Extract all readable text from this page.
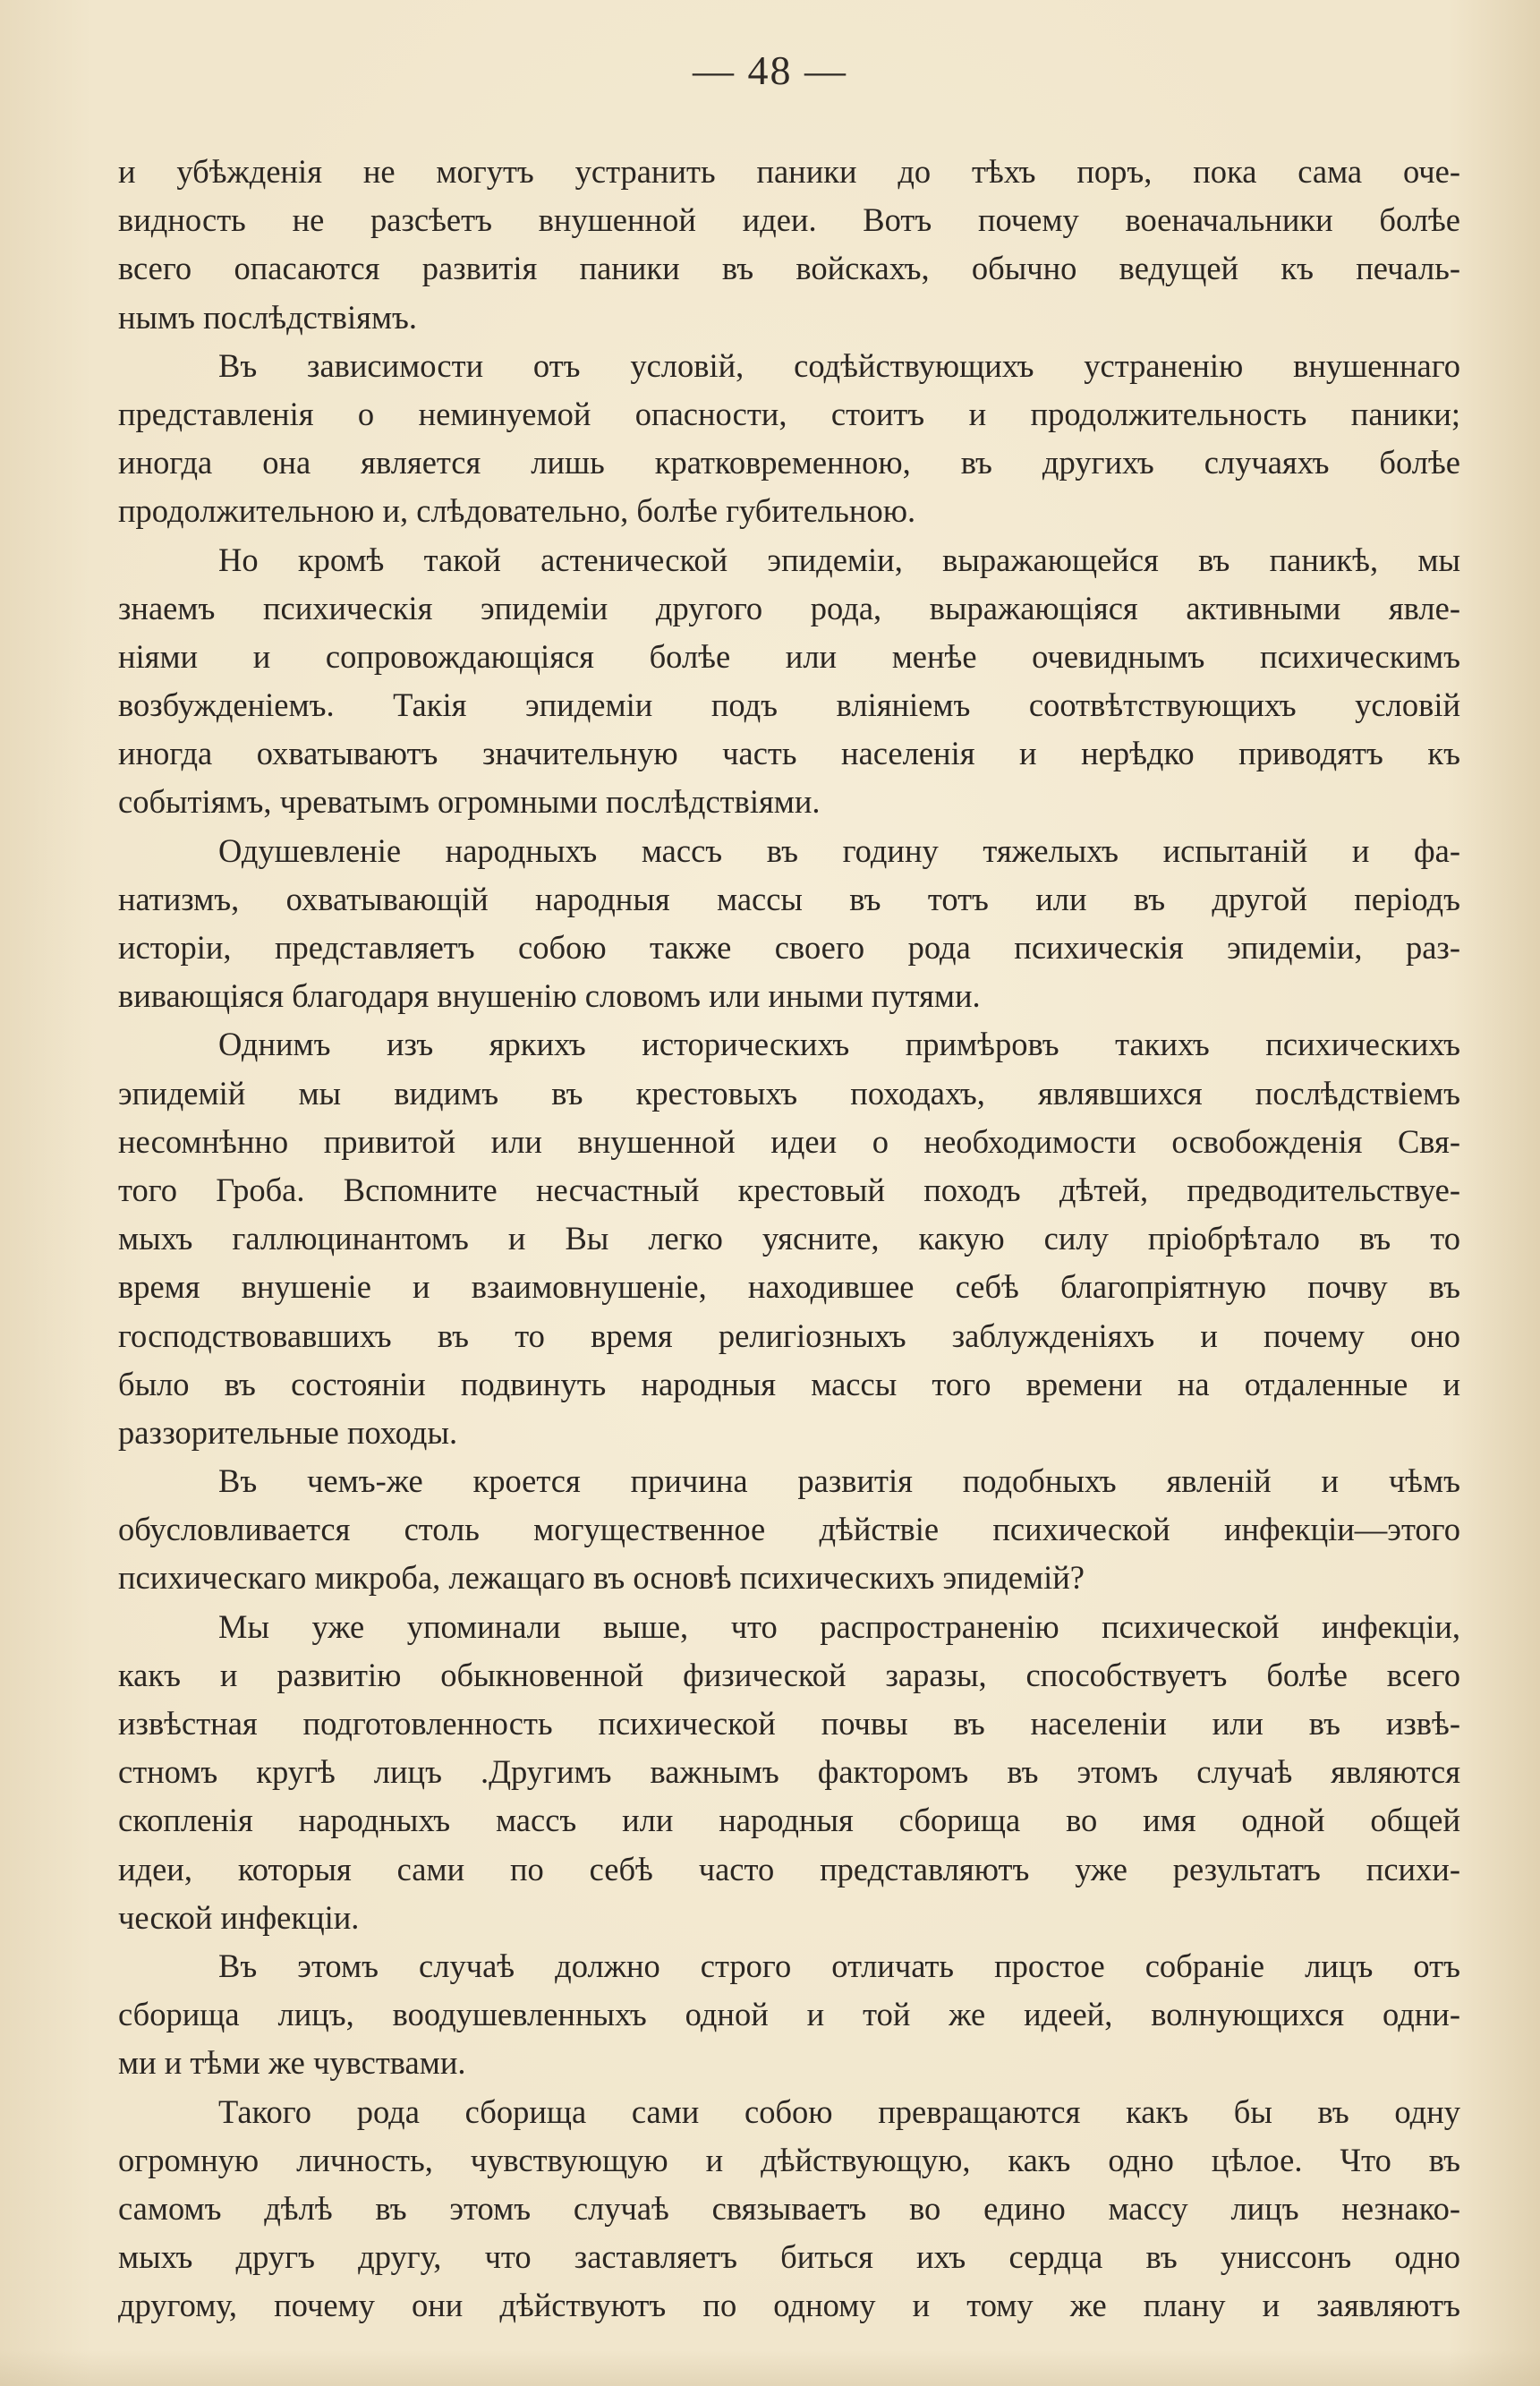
— 48 —
и убѣжденія не могутъ устранить паники до тѣхъ поръ, пока сама оче-
видность не разсѣетъ внушенной идеи. Вотъ почему военачальники болѣе
всего опасаются развитія паники въ войскахъ, обычно ведущей къ печаль-
нымъ послѣдствіямъ.
Въ зависимости отъ условій, содѣйствующихъ устраненію внушеннаго
представленія о неминуемой опасности, стоитъ и продолжительность паники;
иногда она является лишь кратковременною, въ другихъ случаяхъ болѣе
продолжительною и, слѣдовательно, болѣе губительною.
Но кромѣ такой астенической эпидеміи, выражающейся въ паникѣ, мы
знаемъ психическія эпидеміи другого рода, выражающіяся активными явле-
ніями и сопровождающіяся болѣе или менѣе очевиднымъ психическимъ
возбужденіемъ. Такія эпидеміи подъ вліяніемъ соотвѣтствующихъ условій
иногда охватываютъ значительную часть населенія и нерѣдко приводятъ къ
событіямъ, чреватымъ огромными послѣдствіями.
Одушевленіе народныхъ массъ въ годину тяжелыхъ испытаній и фа-
натизмъ, охватывающій народныя массы въ тотъ или въ другой періодъ
исторіи, представляетъ собою также своего рода психическія эпидеміи, раз-
вивающіяся благодаря внушенію словомъ или иными путями.
Однимъ изъ яркихъ историческихъ примѣровъ такихъ психическихъ
эпидемій мы видимъ въ крестовыхъ походахъ, являвшихся послѣдствіемъ
несомнѣнно привитой или внушенной идеи о необходимости освобожденія Свя-
того Гроба. Вспомните несчастный крестовый походъ дѣтей, предводительствуе-
мыхъ галлюцинантомъ и Вы легко уясните, какую силу пріобрѣтало въ то
время внушеніе и взаимовнушеніе, находившее себѣ благопріятную почву въ
господствовавшихъ въ то время религіозныхъ заблужденіяхъ и почему оно
было въ состояніи подвинуть народныя массы того времени на отдаленные и
раззорительные походы.
Въ чемъ-же кроется причина развитія подобныхъ явленій и чѣмъ
обусловливается столь могущественное дѣйствіе психической инфекціи—этого
психическаго микроба, лежащаго въ основѣ психическихъ эпидемій?
Мы уже упоминали выше, что распространенію психической инфекціи,
какъ и развитію обыкновенной физической заразы, способствуетъ болѣе всего
извѣстная подготовленность психической почвы въ населеніи или въ извѣ-
стномъ кругѣ лицъ .Другимъ важнымъ факторомъ въ этомъ случаѣ являются
скопленія народныхъ массъ или народныя сборища во имя одной общей
идеи, которыя сами по себѣ часто представляютъ уже результатъ психи-
ческой инфекціи.
Въ этомъ случаѣ должно строго отличать простое собраніе лицъ отъ
сборища лицъ, воодушевленныхъ одной и той же идеей, волнующихся одни-
ми и тѣми же чувствами.
Такого рода сборища сами собою превращаются какъ бы въ одну
огромную личность, чувствующую и дѣйствующую, какъ одно цѣлое. Что въ
самомъ дѣлѣ въ этомъ случаѣ связываетъ во едино массу лицъ незнако-
мыхъ другъ другу, что заставляетъ биться ихъ сердца въ унисcонъ одно
другому, почему они дѣйствуютъ по одному и тому же плану и заявляютъ
